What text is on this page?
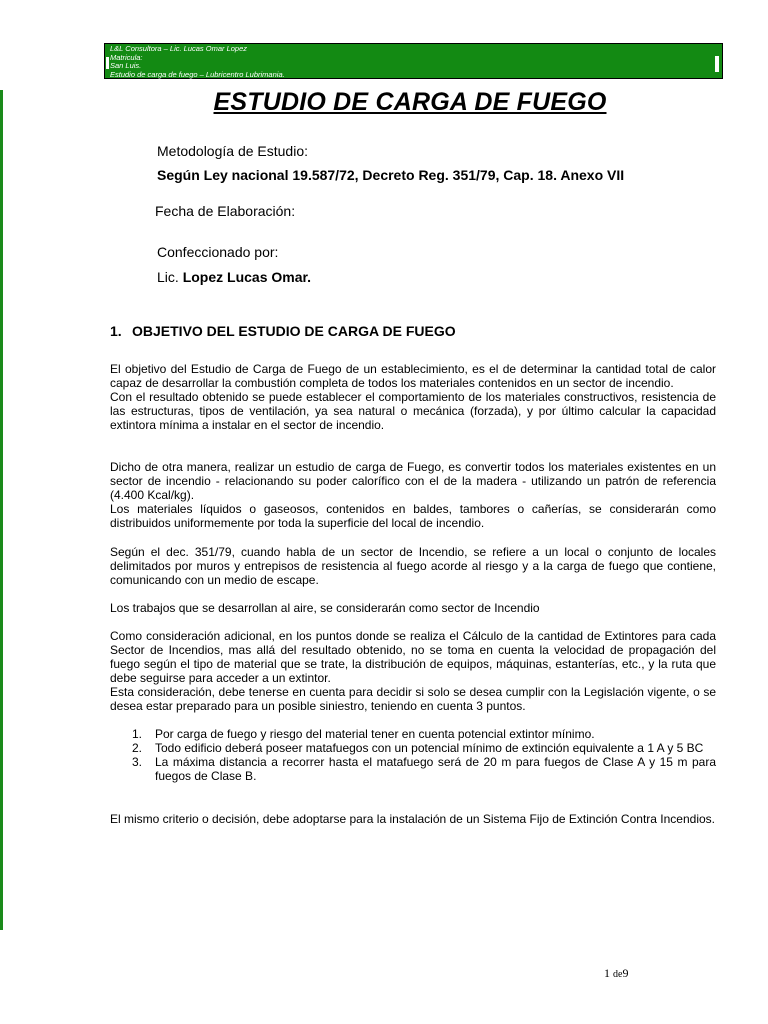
L&L Consultora – Lic. Lucas Omar Lopez
Matricula:
San Luis.
Estudio de carga de fuego – Lubricentro Lubrimania.
ESTUDIO DE CARGA DE FUEGO
Metodología de Estudio:
Según Ley nacional 19.587/72, Decreto Reg. 351/79, Cap. 18. Anexo VII
Fecha de Elaboración:
Confeccionado por:
Lic. Lopez Lucas Omar.
1. OBJETIVO DEL ESTUDIO DE CARGA DE FUEGO

El objetivo del Estudio de Carga de Fuego de un establecimiento, es el de determinar la cantidad total de calor capaz de desarrollar la combustión completa de todos los materiales contenidos en un sector de incendio.

Con el resultado obtenido se puede establecer el comportamiento de los materiales constructivos, resistencia de las estructuras, tipos de ventilación, ya sea natural o mecánica (forzada), y por último calcular la capacidad extintora mínima a instalar en el sector de incendio.

Dicho de otra manera, realizar un estudio de carga de Fuego, es convertir todos los materiales existentes en un sector de incendio - relacionando su poder calorífico con el de la madera - utilizando un patrón de referencia (4.400 Kcal/kg).

Los materiales líquidos o gaseosos, contenidos en baldes, tambores o cañerías, se considerarán como distribuidos uniformemente por toda la superficie del local de incendio.

Según el dec. 351/79, cuando habla de un sector de Incendio, se refiere a un local o conjunto de locales delimitados por muros y entrepisos de resistencia al fuego acorde al riesgo y a la carga de fuego que contiene, comunicando con un medio de escape.

Los trabajos que se desarrollan al aire, se considerarán como sector de Incendio

Como consideración adicional, en los puntos donde se realiza el Cálculo de la cantidad de Extintores para cada Sector de Incendios, mas allá del resultado obtenido, no se toma en cuenta la velocidad de propagación del fuego según el tipo de material que se trate, la distribución de equipos, máquinas, estanterías, etc., y la ruta que debe seguirse para acceder a un extintor.

Esta consideración, debe tenerse en cuenta para decidir si solo se desea cumplir con la Legislación vigente, o se desea estar preparado para un posible siniestro, teniendo en cuenta 3 puntos.

1. Por carga de fuego y riesgo del material tener en cuenta potencial extintor mínimo.
2. Todo edificio deberá poseer matafuegos con un potencial mínimo de extinción equivalente a 1 A y 5 BC
3. La máxima distancia a recorrer hasta el matafuego será de 20 m para fuegos de Clase A y 15 m para fuegos de Clase B.
El mismo criterio o decisión, debe adoptarse para la instalación de un Sistema Fijo de Extinción Contra Incendios.
1 de9
